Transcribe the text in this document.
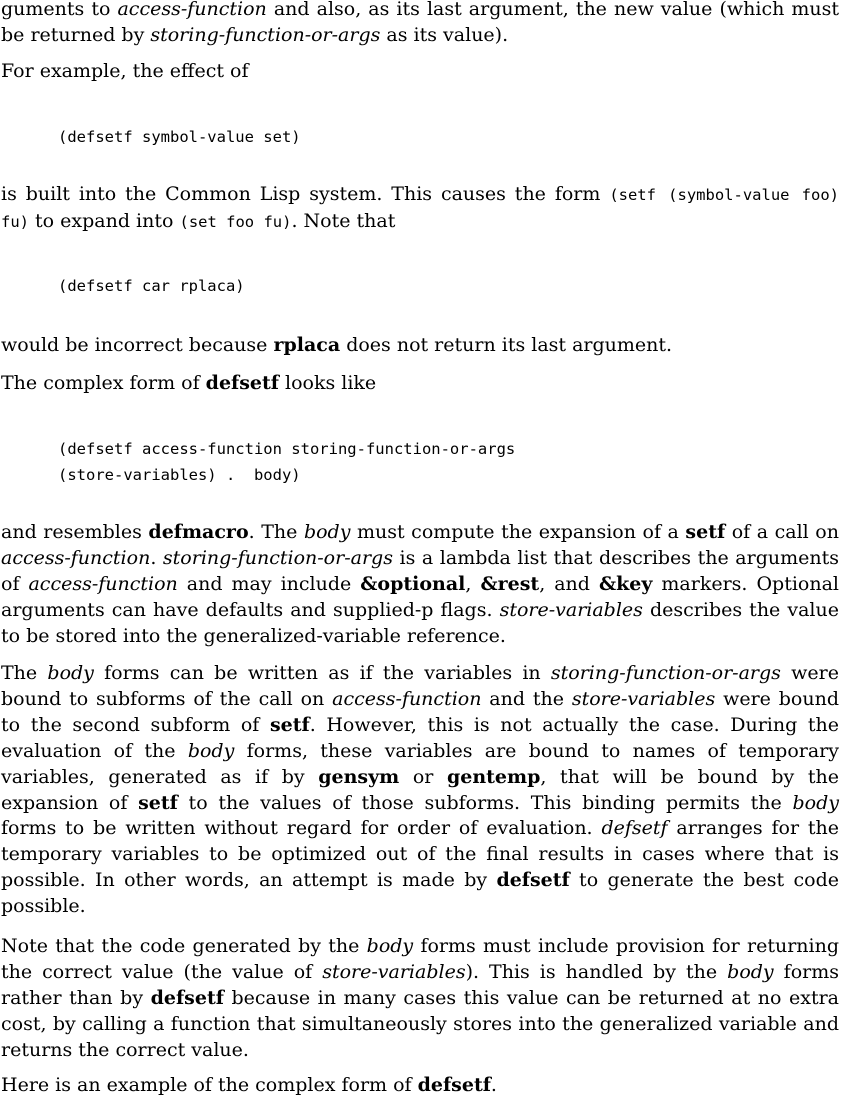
guments to access-function and also, as its last argument, the new value (which must be returned by storing-function-or-args as its value).

For example, the effect of

(defsetf symbol-value set)

is built into the Common Lisp system. This causes the form (setf (symbol-value foo) fu) to expand into (set foo fu). Note that

(defsetf car rplaca)

would be incorrect because rplaca does not return its last argument.

The complex form of defsetf looks like

(defsetf access-function storing-function-or-args
(store-variables) .  body)

and resembles defmacro. The body must compute the expansion of a setf of a call on access-function. storing-function-or-args is a lambda list that describes the arguments of access-function and may include &optional, &rest, and &key markers. Optional arguments can have defaults and supplied-p flags. store-variables describes the value to be stored into the generalized-variable reference.

The body forms can be written as if the variables in storing-function-or-args were bound to subforms of the call on access-function and the store-variables were bound to the second subform of setf. However, this is not actually the case. During the evaluation of the body forms, these variables are bound to names of temporary variables, generated as if by gensym or gentemp, that will be bound by the expansion of setf to the values of those subforms. This binding permits the body forms to be written without regard for order of evaluation. defsetf arranges for the temporary variables to be optimized out of the final results in cases where that is possible. In other words, an attempt is made by defsetf to generate the best code possible.

Note that the code generated by the body forms must include provision for returning the correct value (the value of store-variables). This is handled by the body forms rather than by defsetf because in many cases this value can be returned at no extra cost, by calling a function that simultaneously stores into the generalized variable and returns the correct value.

Here is an example of the complex form of defsetf.
